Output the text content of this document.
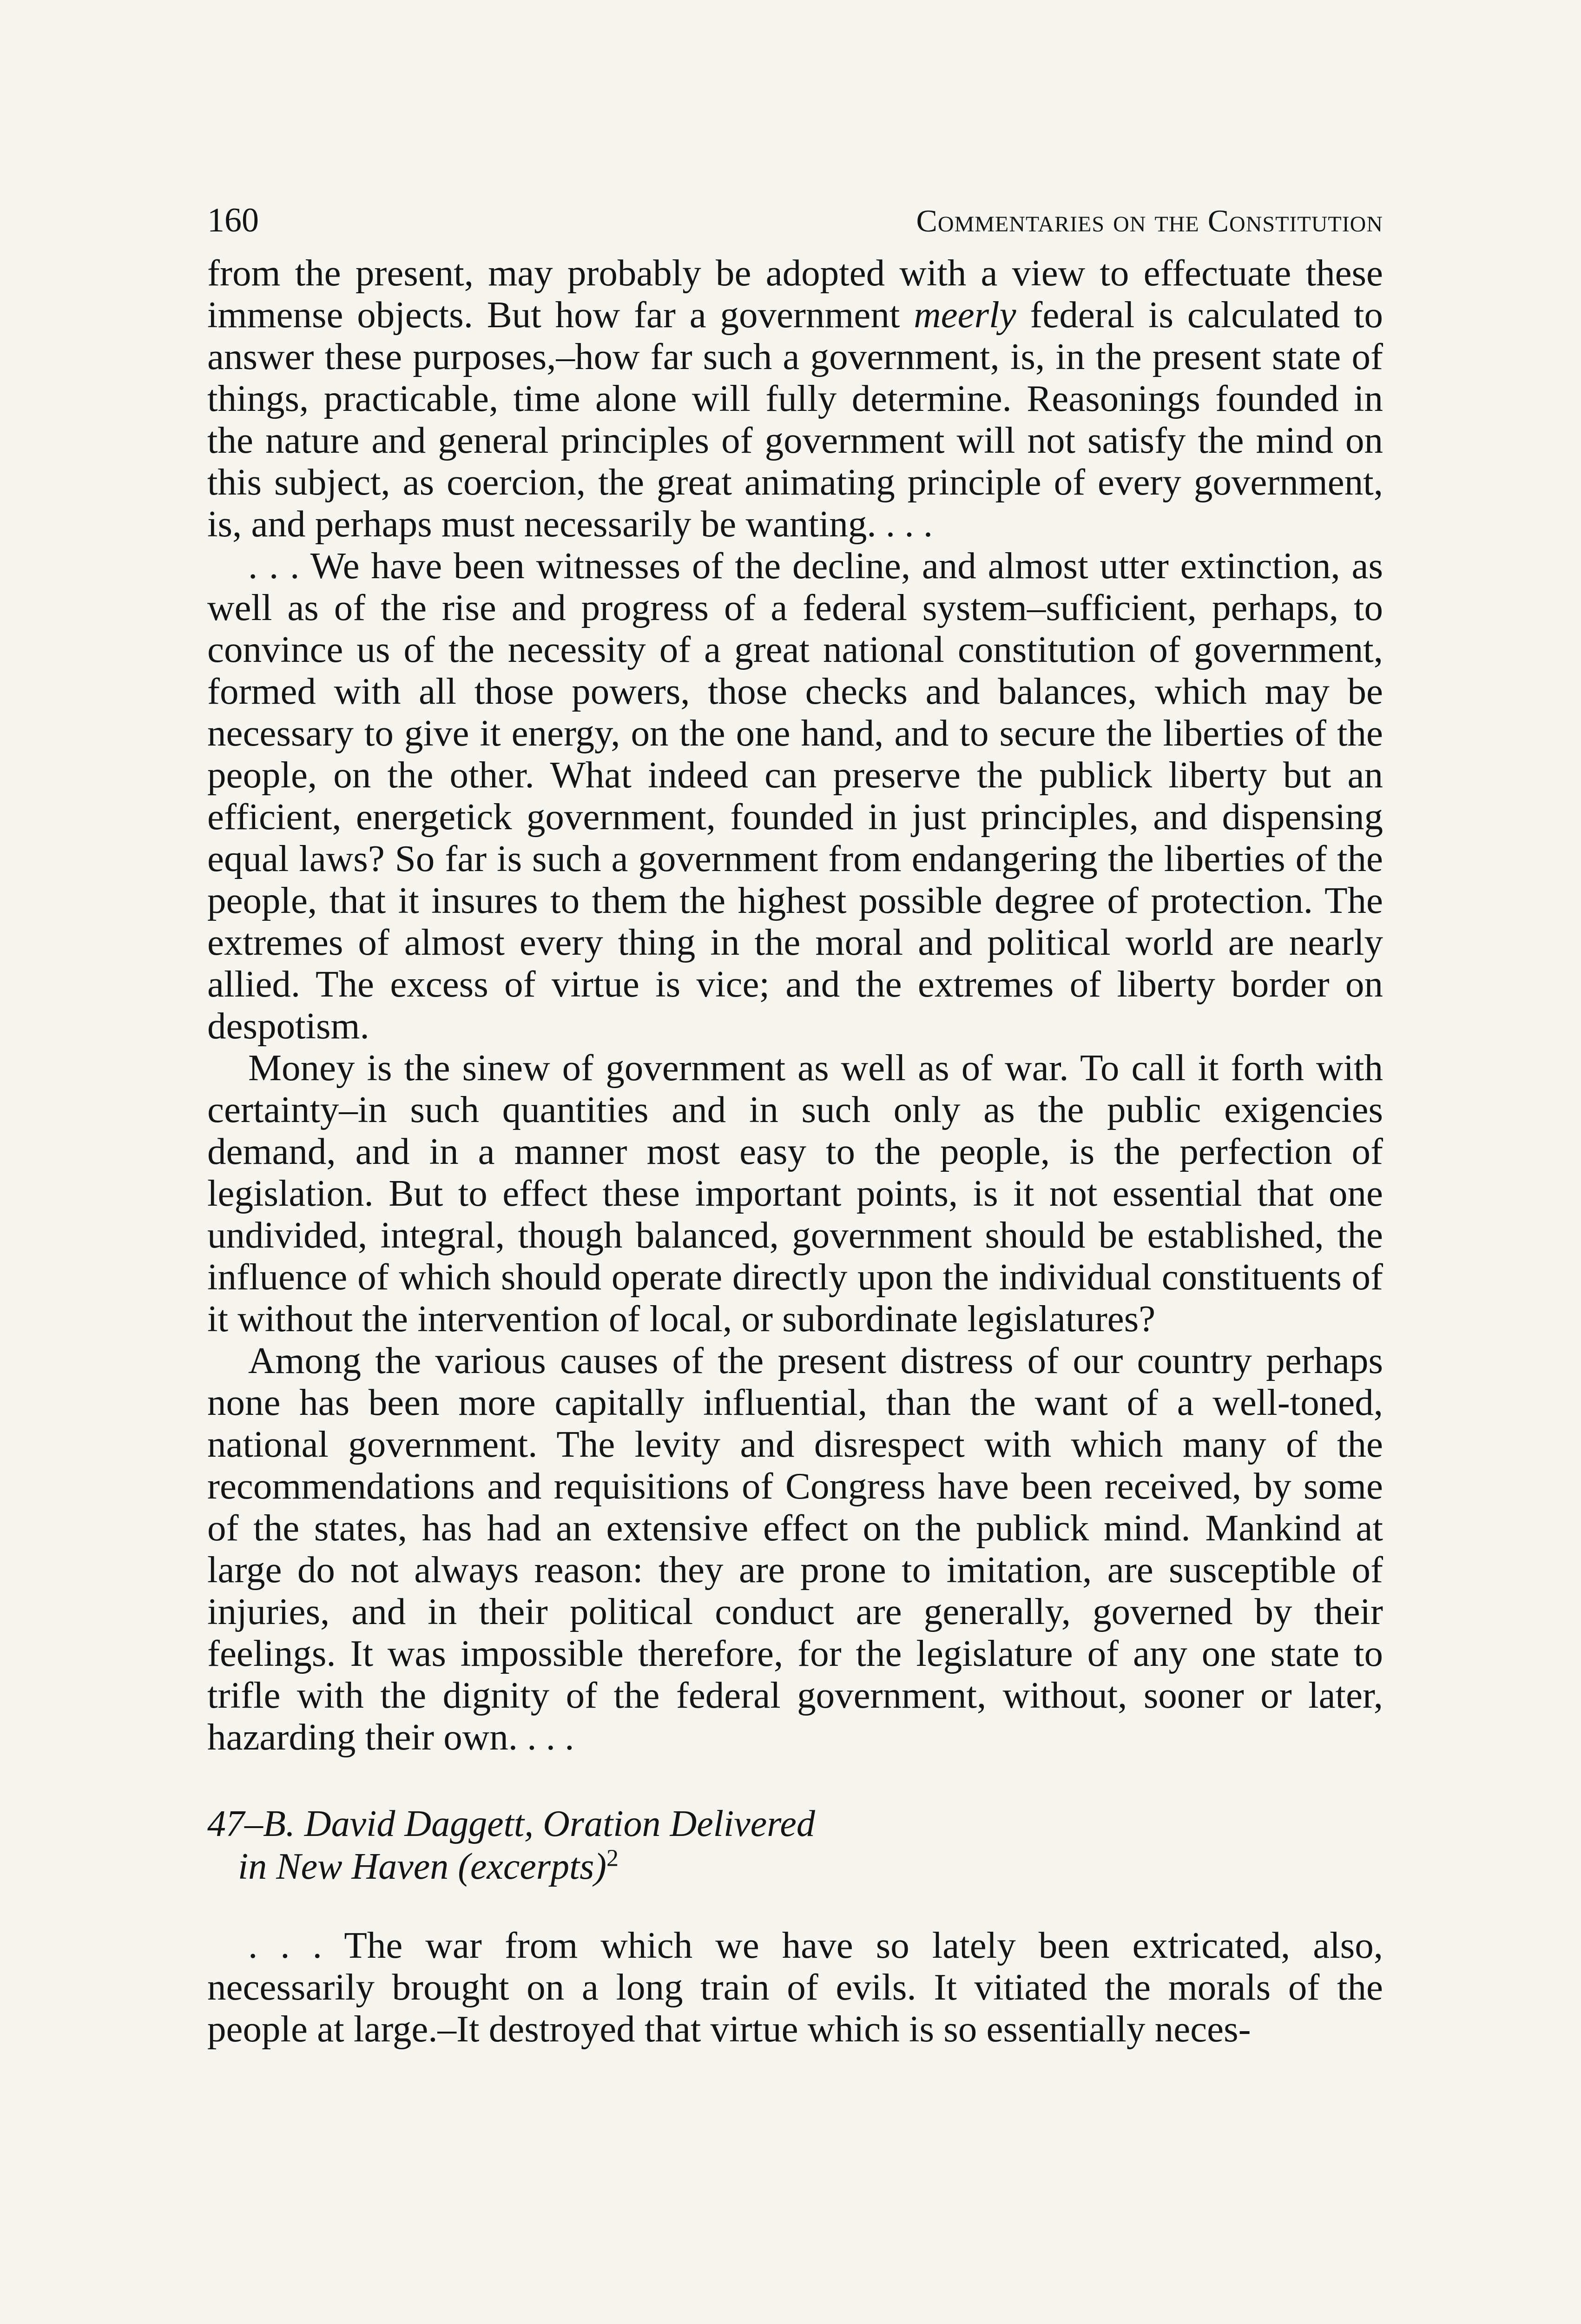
160	Commentaries on the Constitution

from the present, may probably be adopted with a view to effectuate these immense objects. But how far a government meerly federal is calculated to answer these purposes,–how far such a government, is, in the present state of things, practicable, time alone will fully determine. Reasonings founded in the nature and general principles of government will not satisfy the mind on this subject, as coercion, the great animating principle of every government, is, and perhaps must necessarily be wanting. . . .

. . . We have been witnesses of the decline, and almost utter extinction, as well as of the rise and progress of a federal system–sufficient, perhaps, to convince us of the necessity of a great national constitution of government, formed with all those powers, those checks and balances, which may be necessary to give it energy, on the one hand, and to secure the liberties of the people, on the other. What indeed can preserve the publick liberty but an efficient, energetick government, founded in just principles, and dispensing equal laws? So far is such a government from endangering the liberties of the people, that it insures to them the highest possible degree of protection. The extremes of almost every thing in the moral and political world are nearly allied. The excess of virtue is vice; and the extremes of liberty border on despotism.

Money is the sinew of government as well as of war. To call it forth with certainty–in such quantities and in such only as the public exigencies demand, and in a manner most easy to the people, is the perfection of legislation. But to effect these important points, is it not essential that one undivided, integral, though balanced, government should be established, the influence of which should operate directly upon the individual constituents of it without the intervention of local, or subordinate legislatures?

Among the various causes of the present distress of our country perhaps none has been more capitally influential, than the want of a well-toned, national government. The levity and disrespect with which many of the recommendations and requisitions of Congress have been received, by some of the states, has had an extensive effect on the publick mind. Mankind at large do not always reason: they are prone to imitation, are susceptible of injuries, and in their political conduct are generally, governed by their feelings. It was impossible therefore, for the legislature of any one state to trifle with the dignity of the federal government, without, sooner or later, hazarding their own. . . .

47–B. David Daggett, Oration Delivered
in New Haven (excerpts)$^2$

. . . The war from which we have so lately been extricated, also, necessarily brought on a long train of evils. It vitiated the morals of the people at large.–It destroyed that virtue which is so essentially neces-
